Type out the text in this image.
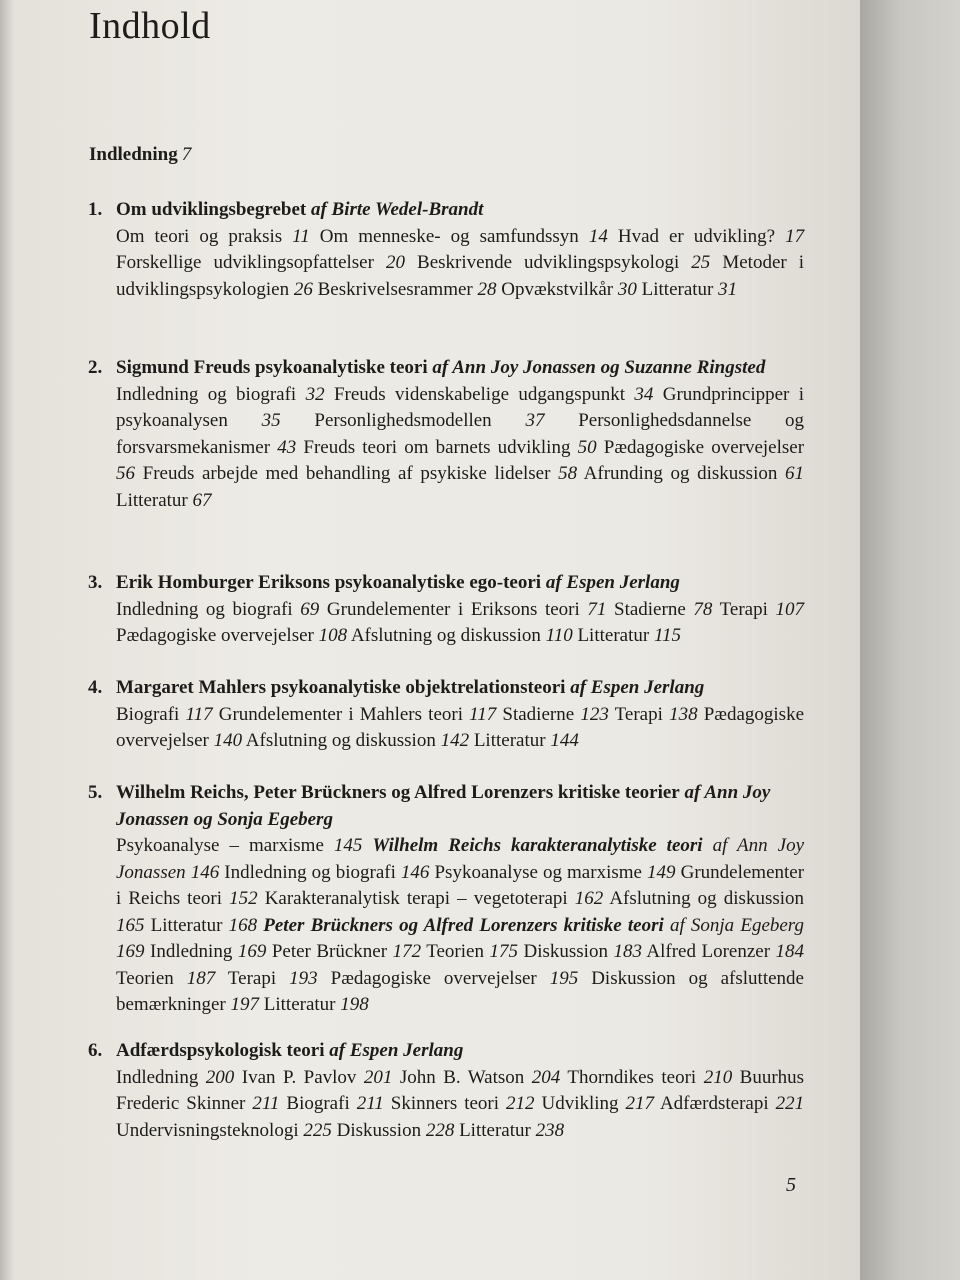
Indhold

Indledning 7

1. Om udviklingsbegrebet af Birte Wedel-Brandt
Om teori og praksis 11 Om menneske- og samfundssyn 14 Hvad er udvikling? 17 Forskellige udviklingsopfattelser 20 Beskrivende udviklingspsykologi 25 Metoder i udviklingspsykologien 26 Beskrivelsesrammer 28 Opvækstvilkår 30 Litteratur 31
2. Sigmund Freuds psykoanalytiske teori af Ann Joy Jonassen og Suzanne Ringsted
Indledning og biografi 32 Freuds videnskabelige udgangspunkt 34 Grundprincipper i psykoanalysen 35 Personlighedsmodellen 37 Personlighedsdannelse og forsvarsmekanismer 43 Freuds teori om barnets udvikling 50 Pædagogiske overvejelser 56 Freuds arbejde med behandling af psykiske lidelser 58 Afrunding og diskussion 61 Litteratur 67
3. Erik Homburger Eriksons psykoanalytiske ego-teori af Espen Jerlang
Indledning og biografi 69 Grundelementer i Eriksons teori 71 Stadierne 78 Terapi 107 Pædagogiske overvejelser 108 Afslutning og diskussion 110 Litteratur 115
4. Margaret Mahlers psykoanalytiske objektrelationsteori af Espen Jerlang
Biografi 117 Grundelementer i Mahlers teori 117 Stadierne 123 Terapi 138 Pædagogiske overvejelser 140 Afslutning og diskussion 142 Litteratur 144
5. Wilhelm Reichs, Peter Brückners og Alfred Lorenzers kritiske teorier af Ann Joy Jonassen og Sonja Egeberg
Psykoanalyse – marxisme 145 Wilhelm Reichs karakteranalytiske teori af Ann Joy Jonassen 146 Indledning og biografi 146 Psykoanalyse og marxisme 149 Grundelementer i Reichs teori 152 Karakteranalytisk terapi – vegetoterapi 162 Afslutning og diskussion 165 Litteratur 168 Peter Brückners og Alfred Lorenzers kritiske teori af Sonja Egeberg 169 Indledning 169 Peter Brückner 172 Teorien 175 Diskussion 183 Alfred Lorenzer 184 Teorien 187 Terapi 193 Pædagogiske overvejelser 195 Diskussion og afsluttende bemærkninger 197 Litteratur 198
6. Adfærdspsykologisk teori af Espen Jerlang
Indledning 200 Ivan P. Pavlov 201 John B. Watson 204 Thorndikes teori 210 Buurhus Frederic Skinner 211 Biografi 211 Skinners teori 212 Udvikling 217 Adfærdsterapi 221 Undervisningsteknologi 225 Diskussion 228 Litteratur 238
5
